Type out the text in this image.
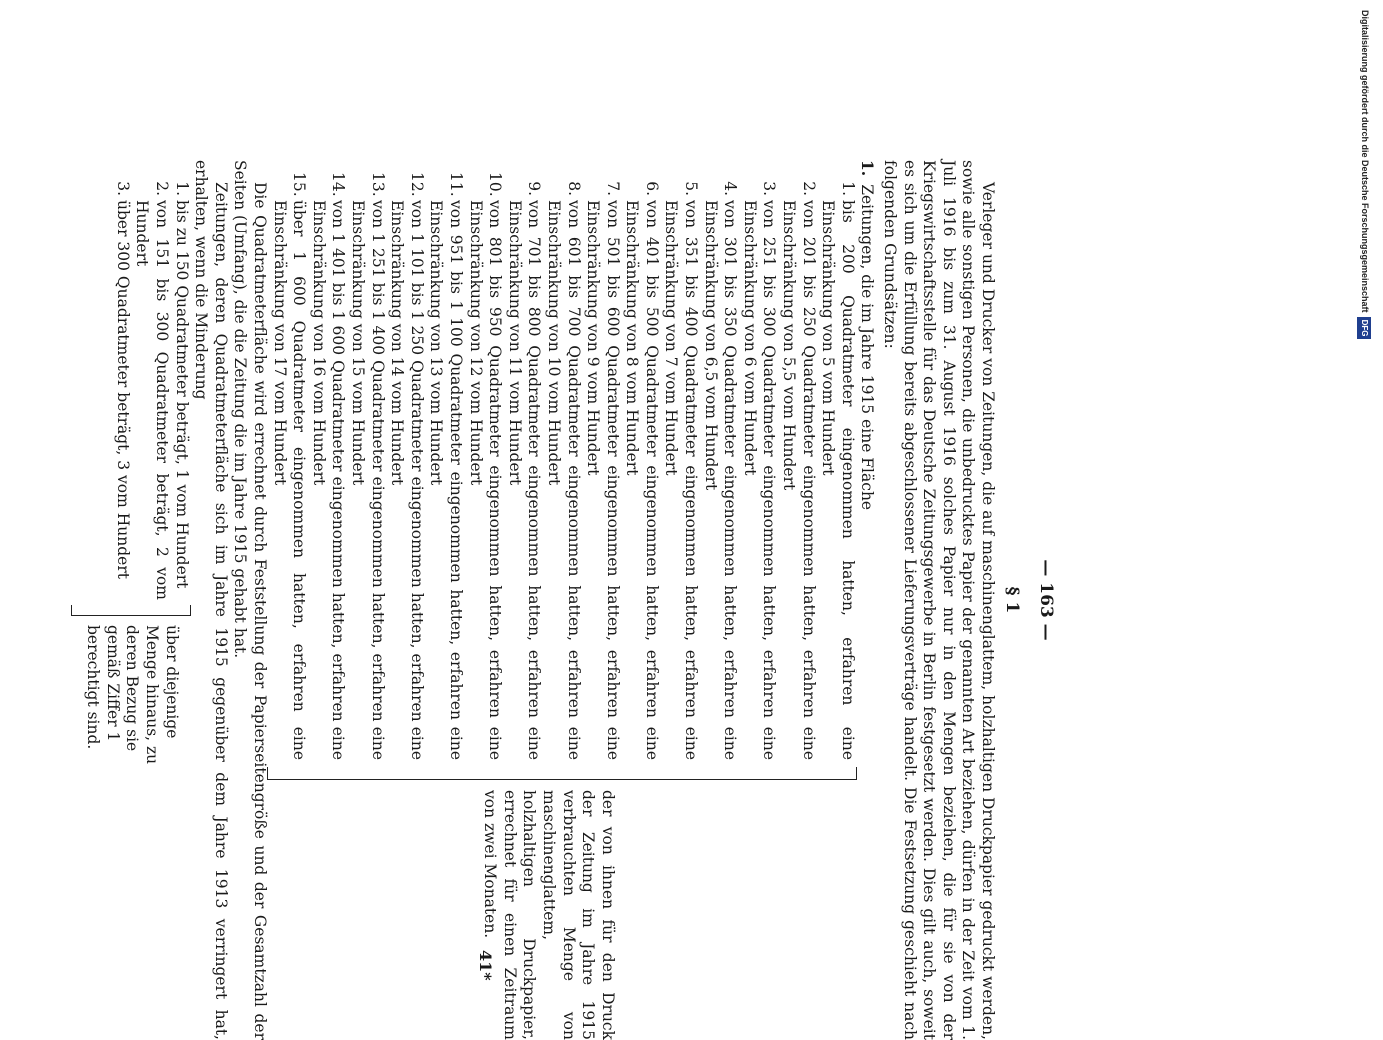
— 163 —
§ 1

Verleger und Drucker von Zeitungen, die auf maschinenglattem, holzhaltigen Druckpapier gedruckt werden, sowie alle sonstigen Personen, die unbedrucktes Papier der genannten Art beziehen, dürfen in der Zeit vom 1. Juli 1916 bis zum 31. August 1916 solches Papier nur in den Mengen beziehen, die für sie von der Kriegswirtschaftsstelle für das Deutsche Zeitungsgewerbe in Berlin festgesetzt werden. Dies gilt auch, soweit es sich um die Erfüllung bereits abgeschlossener Lieferungsverträge handelt. Die Festsetzung geschieht nach folgenden Grundsätzen:

1.Zeitungen, die im Jahre 1915 eine Fläche

1.
bis 200 Quadratmeter eingenommen hatten, erfahren eine Einschränkung von 5 vom Hundert
2.
von 201 bis 250 Quadratmeter eingenommen hatten, erfahren eine Einschränkung von 5,5 vom Hundert
3.
von 251 bis 300 Quadratmeter eingenommen hatten, erfahren eine Einschränkung von 6 vom Hundert
4.
von 301 bis 350 Quadratmeter eingenommen hatten, erfahren eine Einschränkung von 6,5 vom Hundert
5.
von 351 bis 400 Quadratmeter eingenommen hatten, erfahren eine Einschränkung von 7 vom Hundert
6.
von 401 bis 500 Quadratmeter eingenommen hatten, erfahren eine Einschränkung von 8 vom Hundert
7.
von 501 bis 600 Quadratmeter eingenommen hatten, erfahren eine Einschränkung von 9 vom Hundert
8.
von 601 bis 700 Quadratmeter eingenommen hatten, erfahren eine Einschränkung von 10 vom Hundert
9.
von 701 bis 800 Quadratmeter eingenommen hatten, erfahren eine Einschränkung von 11 vom Hundert
10.
von 801 bis 950 Quadratmeter eingenommen hatten, erfahren eine Einschränkung von 12 vom Hundert
11.
von 951 bis 1 100 Quadratmeter eingenommen hatten, erfahren eine Einschränkung von 13 vom Hundert
12.
von 1 101 bis 1 250 Quadratmeter eingenommen hatten, erfahren eine Einschränkung von 14 vom Hundert
13.
von 1 251 bis 1 400 Quadratmeter eingenommen hatten, erfahren eine Einschränkung von 15 vom Hundert
14.
von 1 401 bis 1 600 Quadratmeter eingenommen hatten, erfahren eine Einschränkung von 16 vom Hundert
15.
über 1 600 Quadratmeter eingenommen hatten, erfahren eine Einschränkung von 17 vom Hundert
der von ihnen für den Druck der Zeitung im Jahre 1915 verbrauchten Menge von maschinenglattem, holzhaltigen Druckpapier, errechnet für einen Zeitraum von zwei Monaten.

Die Quadratmeterfläche wird errechnet durch Feststellung der Papierseitengröße und der Gesamtzahl der Seiten (Umfang), die die Zeitung die im Jahre 1915 gehabt hat.

Zeitungen, deren Quadratmeterfläche sich im Jahre 1915 gegenüber dem Jahre 1913 verringert hat, erhalten, wenn die Minderung

1.
bis zu 150 Quadratmeter beträgt, 1 vom Hundert
2.
von 151 bis 300 Quadratmeter beträgt, 2 vom Hundert
3.
über 300 Quadratmeter beträgt, 3 vom Hundert
über diejenige Menge hinaus, zu deren Bezug sie gemäß Ziffer 1 berechtigt sind.
41*
Digitalisierung gefördert durch die Deutsche ForschungsgemeinschaftDFG
